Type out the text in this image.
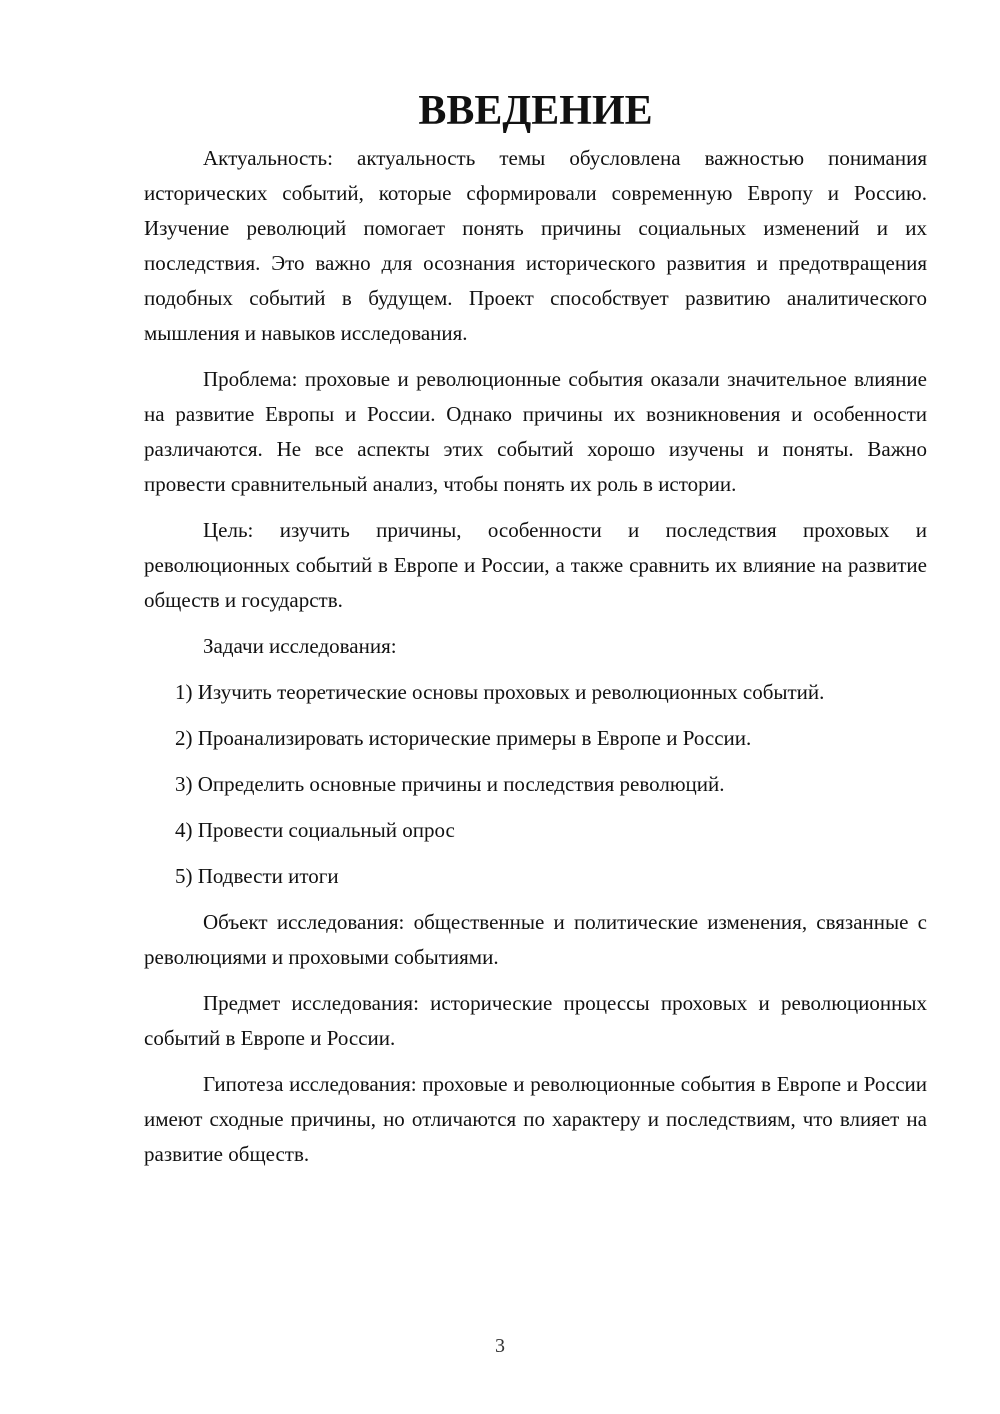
ВВЕДЕНИЕ

Актуальность: актуальность темы обусловлена важностью понимания исторических событий, которые сформировали современную Европу и Россию. Изучение революций помогает понять причины социальных изменений и их последствия. Это важно для осознания исторического развития и предотвращения подобных событий в будущем. Проект способствует развитию аналитического мышления и навыков исследования.

Проблема: проховые и революционные события оказали значительное влияние на развитие Европы и России. Однако причины их возникновения и особенности различаются. Не все аспекты этих событий хорошо изучены и поняты. Важно провести сравнительный анализ, чтобы понять их роль в истории.

Цель: изучить причины, особенности и последствия проховых и революционных событий в Европе и России, а также сравнить их влияние на развитие обществ и государств.

Задачи исследования:

1) Изучить теоретические основы проховых и революционных событий.
2) Проанализировать исторические примеры в Европе и России.
3) Определить основные причины и последствия революций.
4) Провести социальный опрос
5) Подвести итоги

Объект исследования: общественные и политические изменения, связанные с революциями и проховыми событиями.

Предмет исследования: исторические процессы проховых и революционных событий в Европе и России.

Гипотеза исследования: проховые и революционные события в Европе и России имеют сходные причины, но отличаются по характеру и последствиям, что влияет на развитие обществ.

3
